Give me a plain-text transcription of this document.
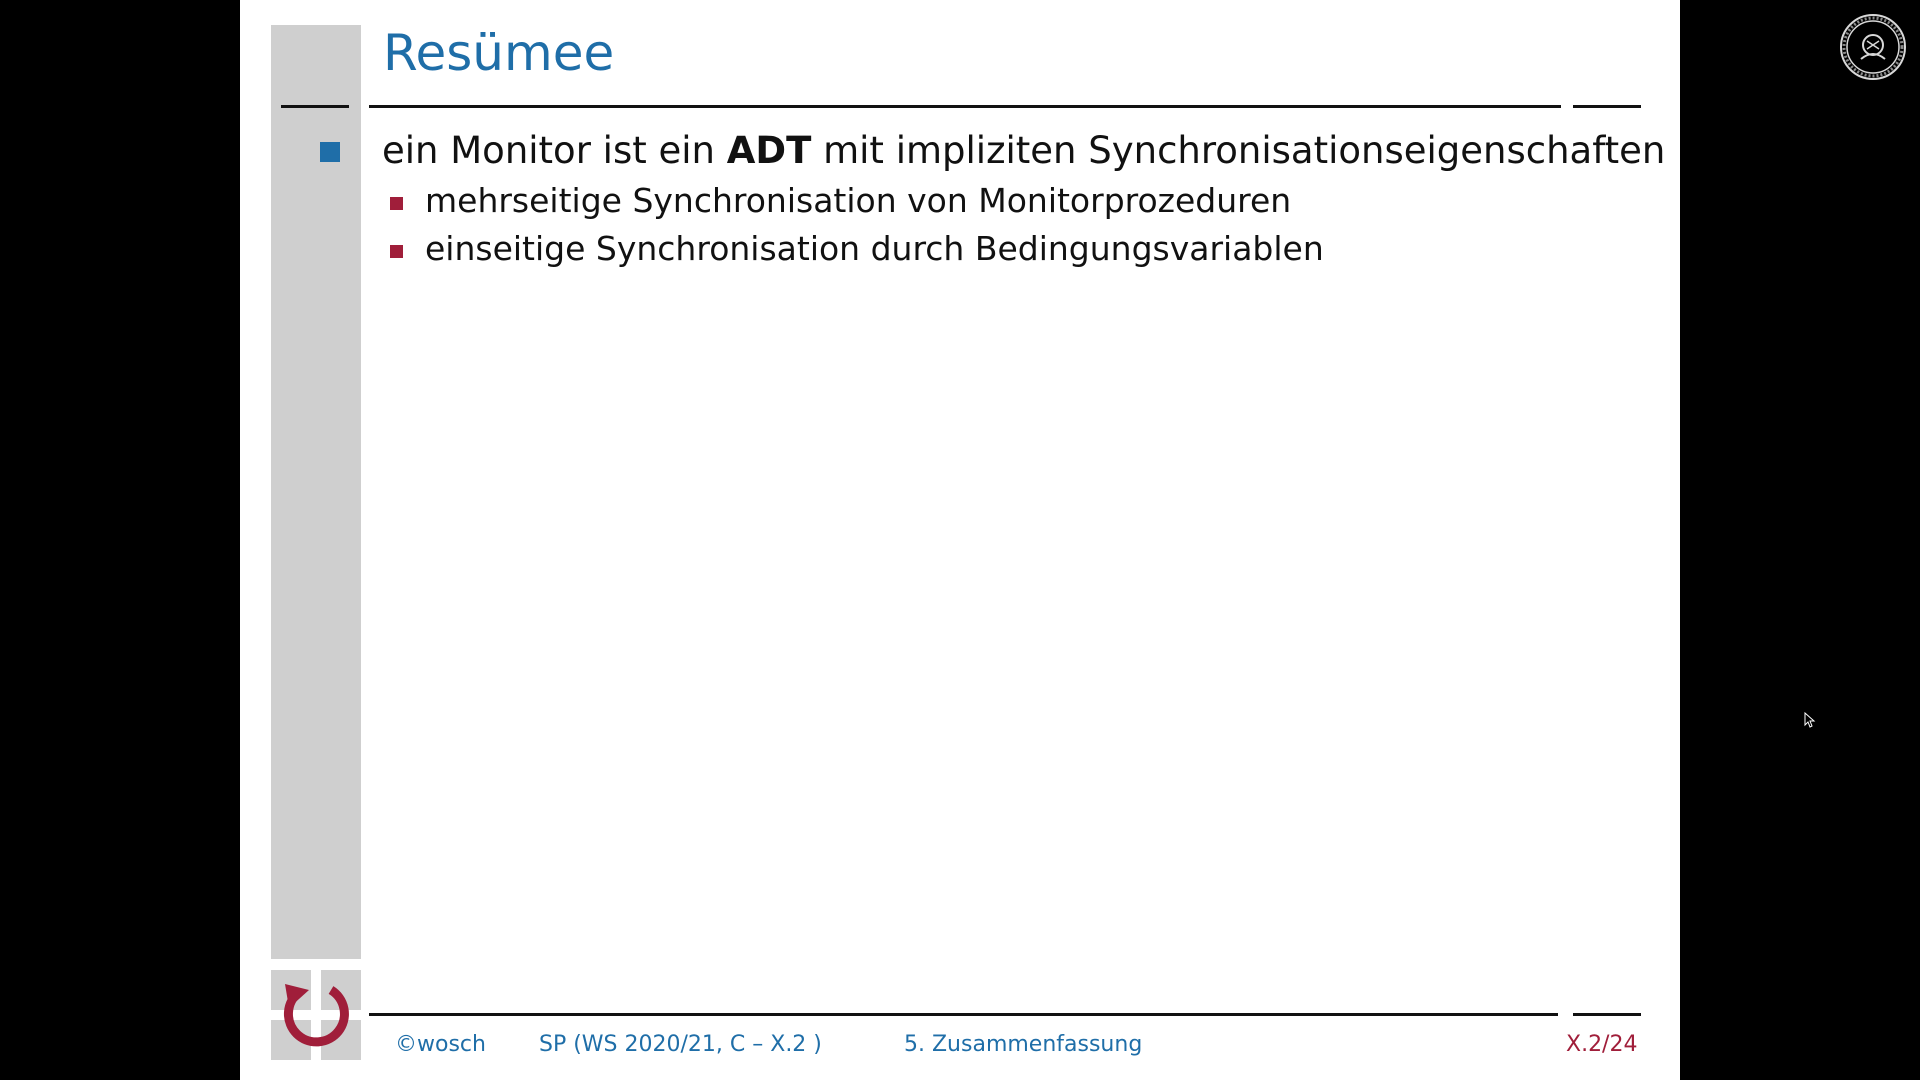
Resümee
ein Monitor ist ein ADT mit impliziten Synchronisationseigenschaften
mehrseitige Synchronisation von Monitorprozeduren
einseitige Synchronisation durch Bedingungsvariablen
©wosch SP (WS 2020/21, C – X.2 )	5. Zusammenfassung	X.2/24
